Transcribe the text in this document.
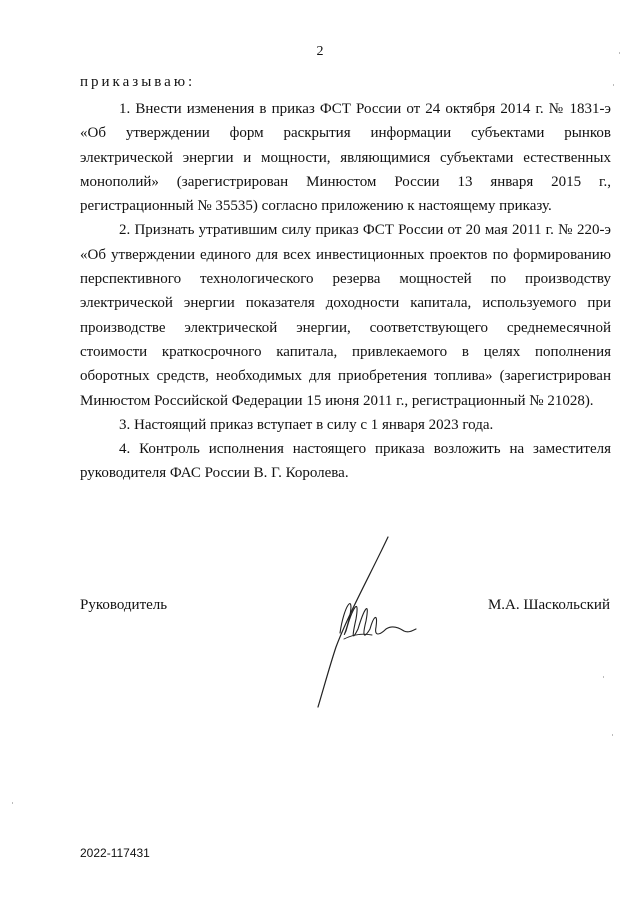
2
приказываю:

1. Внести изменения в приказ ФСТ России от 24 октября 2014 г. № 1831-э «Об утверждении форм раскрытия информации субъектами рынков электрической энергии и мощности, являющимися субъектами естественных монополий» (зарегистрирован Минюстом России 13 января 2015 г., регистрационный № 35535) согласно приложению к настоящему приказу.

2. Признать утратившим силу приказ ФСТ России от 20 мая 2011 г. № 220-э «Об утверждении единого для всех инвестиционных проектов по формированию перспективного технологического резерва мощностей по производству электрической энергии показателя доходности капитала, используемого при производстве электрической энергии, соответствующего среднемесячной стоимости краткосрочного капитала, привлекаемого в целях пополнения оборотных средств, необходимых для приобретения топлива» (зарегистрирован Минюстом Российской Федерации 15 июня 2011 г., регистрационный № 21028).

3. Настоящий приказ вступает в силу с 1 января 2023 года.

4. Контроль исполнения настоящего приказа возложить на заместителя руководителя ФАС России В. Г. Королева.

Руководитель	М.А. Шаскольский
2022-117431
